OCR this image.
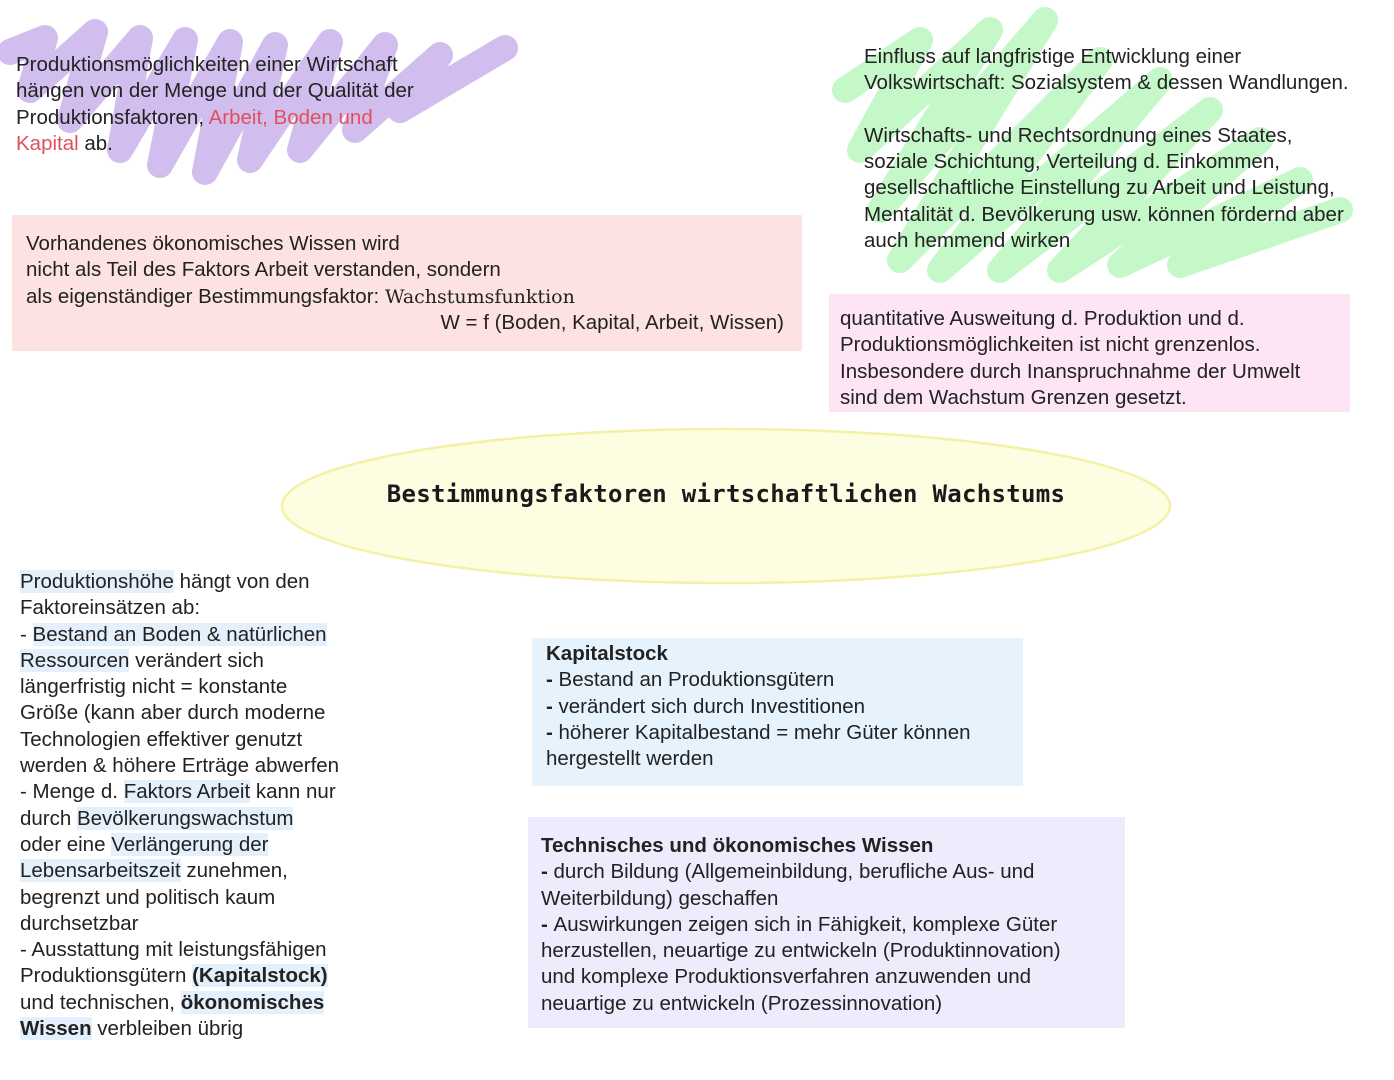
Produktionsmöglichkeiten einer Wirtschaft
hängen von der Menge und der Qualität der
Produktionsfaktoren, Arbeit, Boden und
Kapital ab.
Vorhandenes ökonomisches Wissen wird
nicht als Teil des Faktors Arbeit verstanden, sondern
als eigenständiger Bestimmungsfaktor: Wachstumsfunktion
W = f (Boden, Kapital, Arbeit, Wissen)
Einfluss auf langfristige Entwicklung einer
Volkswirtschaft: Sozialsystem & dessen Wandlungen.
Wirtschafts- und Rechtsordnung eines Staates,
soziale Schichtung, Verteilung d. Einkommen,
gesellschaftliche Einstellung zu Arbeit und Leistung,
Mentalität d. Bevölkerung usw. können fördernd aber
auch hemmend wirken
quantitative Ausweitung d. Produktion und d.
Produktionsmöglichkeiten ist nicht grenzenlos.
Insbesondere durch Inanspruchnahme der Umwelt
sind dem Wachstum Grenzen gesetzt.
Bestimmungsfaktoren wirtschaftlichen Wachstums
Produktionshöhe hängt von den
Faktoreinsätzen ab:
- Bestand an Boden & natürlichen
Ressourcen verändert sich
längerfristig nicht = konstante
Größe (kann aber durch moderne
Technologien effektiver genutzt
werden & höhere Erträge abwerfen
- Menge d. Faktors Arbeit kann nur
durch Bevölkerungswachstum
oder eine Verlängerung der
Lebensarbeitszeit zunehmen,
begrenzt und politisch kaum
durchsetzbar
- Ausstattung mit leistungsfähigen
Produktionsgütern (Kapitalstock)
und technischen, ökonomisches
Wissen verbleiben übrig
Kapitalstock
- Bestand an Produktionsgütern
- verändert sich durch Investitionen
- höherer Kapitalbestand = mehr Güter können
hergestellt werden
Technisches und ökonomisches Wissen
- durch Bildung (Allgemeinbildung, berufliche Aus- und
Weiterbildung) geschaffen
- Auswirkungen zeigen sich in Fähigkeit, komplexe Güter
herzustellen, neuartige zu entwickeln (Produktinnovation)
und komplexe Produktionsverfahren anzuwenden und
neuartige zu entwickeln (Prozessinnovation)
